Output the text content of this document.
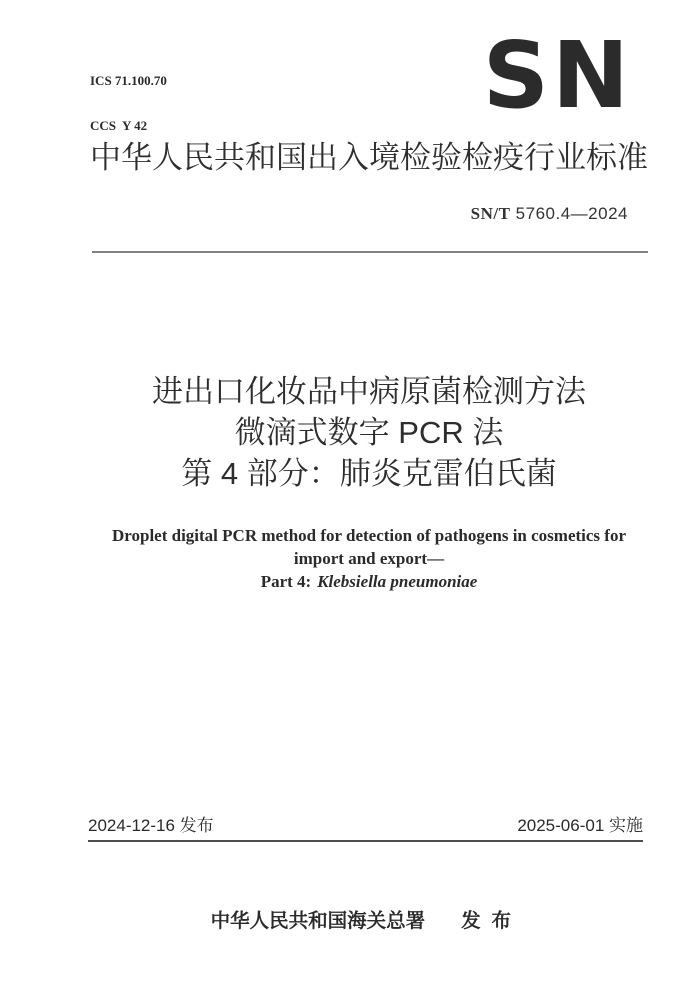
ICS 71.100.70

CCS  Y 42

	SN
中华人民共和国出入境检验检疫行业标准
SN/T 5760.4—2024
进出口化妆品中病原菌检测方法
微滴式数字 PCR 法
第 4 部分：肺炎克雷伯氏菌
Droplet digital PCR method for detection of pathogens in cosmetics for
import and export—
Part 4: Klebsiella pneumoniae
2024-12-16 发布	2025-06-01 实施

中华人民共和国海关总署 发  布
